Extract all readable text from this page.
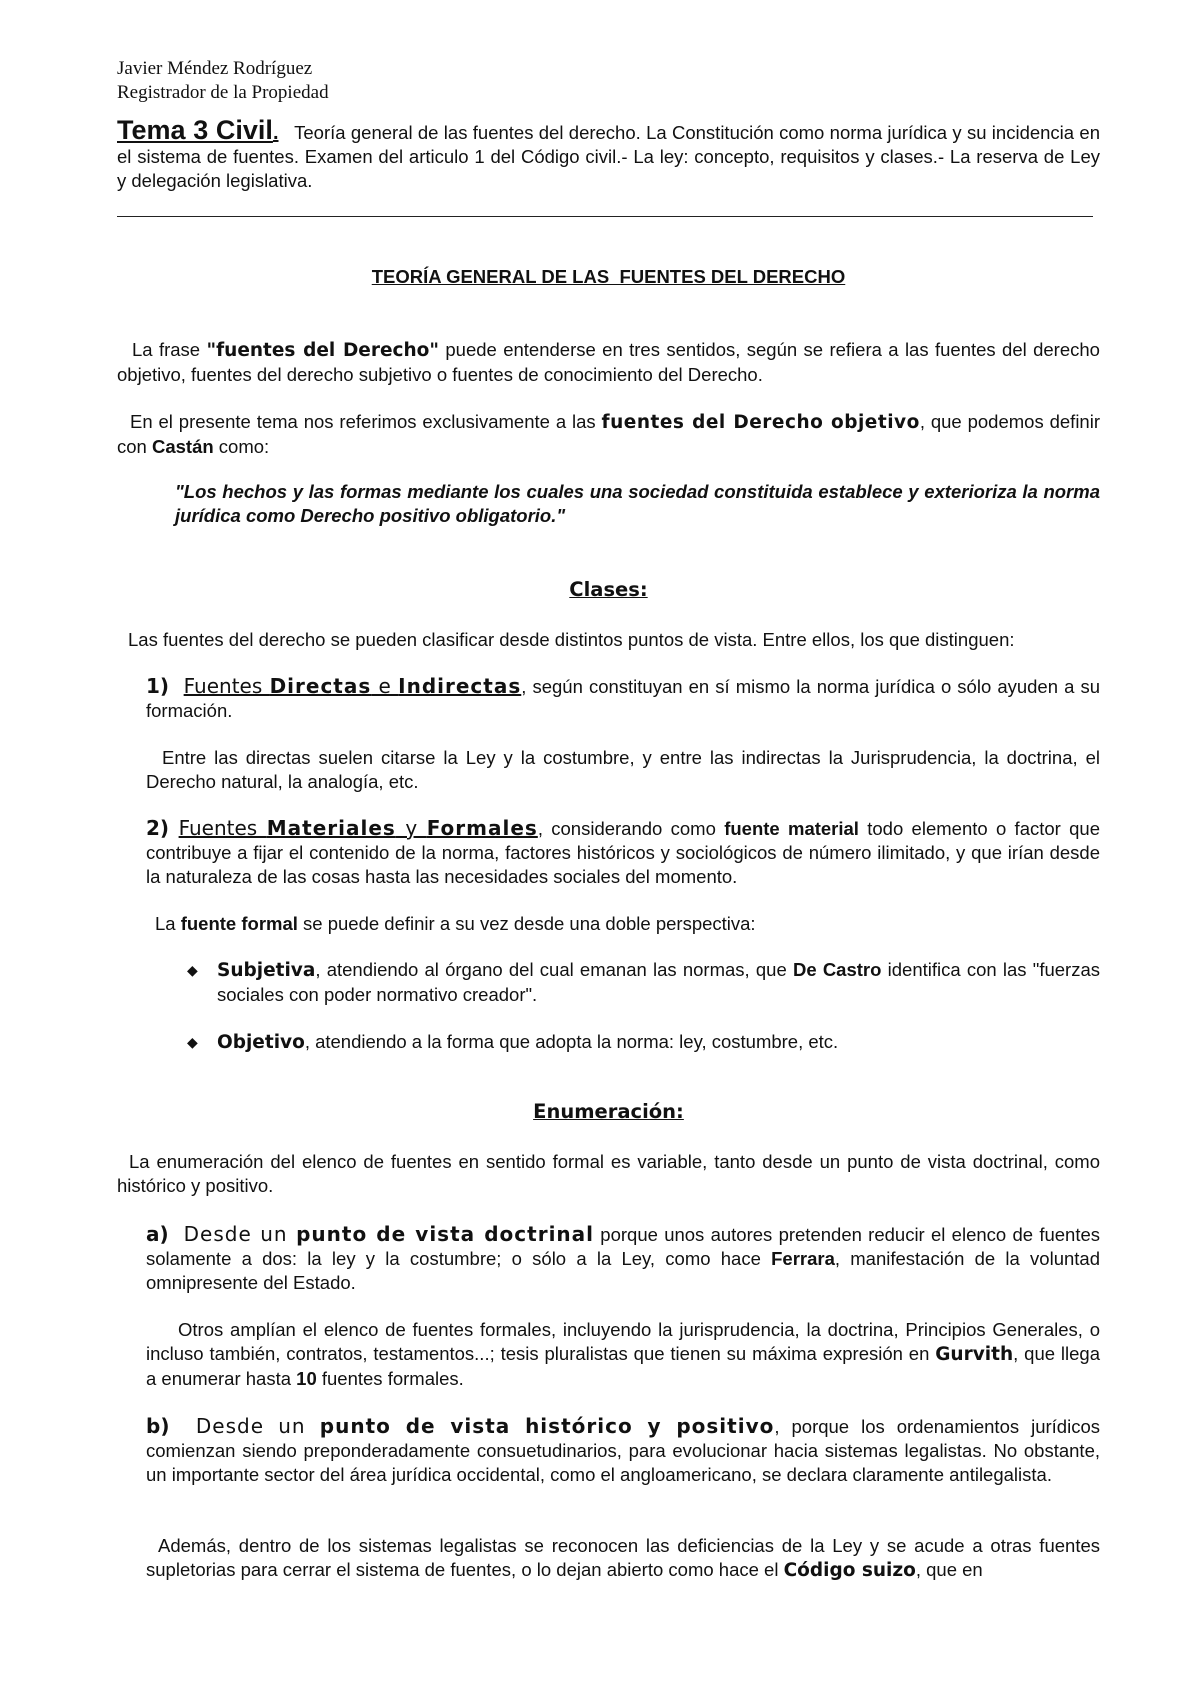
Javier Méndez Rodríguez
Registrador de la Propiedad
Tema 3 Civil. Teoría general de las fuentes del derecho. La Constitución como norma jurídica y su incidencia en el sistema de fuentes. Examen del articulo 1 del Código civil.- La ley: concepto, requisitos y clases.- La reserva de Ley y delegación legislativa.
TEORÍA GENERAL DE LAS  FUENTES DEL DERECHO
La frase "fuentes del Derecho" puede entenderse en tres sentidos, según se refiera a las fuentes del derecho objetivo, fuentes del derecho subjetivo o fuentes de conocimiento del Derecho.
En el presente tema nos referimos exclusivamente a las fuentes del Derecho objetivo, que podemos definir con Castán como:
"Los hechos y las formas mediante los cuales una sociedad constituida establece y exterioriza la norma jurídica como Derecho positivo obligatorio."
Clases:
Las fuentes del derecho se pueden clasificar desde distintos puntos de vista. Entre ellos, los que distinguen:
1) Fuentes Directas e Indirectas, según constituyan en sí mismo la norma jurídica o sólo ayuden a su formación.
Entre las directas suelen citarse la Ley y la costumbre, y entre las indirectas la Jurisprudencia, la doctrina, el Derecho natural, la analogía, etc.
2) Fuentes Materiales y Formales, considerando como fuente material todo elemento o factor que contribuye a fijar el contenido de la norma, factores históricos y sociológicos de número ilimitado, y que irían desde la naturaleza de las cosas hasta las necesidades sociales del momento.
La fuente formal se puede definir a su vez desde una doble perspectiva:
◆ Subjetiva, atendiendo al órgano del cual emanan las normas, que De Castro identifica con las "fuerzas sociales con poder normativo creador".
◆ Objetivo, atendiendo a la forma que adopta la norma: ley, costumbre, etc.
Enumeración:
La enumeración del elenco de fuentes en sentido formal es variable, tanto desde un punto de vista doctrinal, como histórico y positivo.
a) Desde un punto de vista doctrinal porque unos autores pretenden reducir el elenco de fuentes solamente a dos: la ley y la costumbre; o sólo a la Ley, como hace Ferrara, manifestación de la voluntad omnipresente del Estado.
Otros amplían el elenco de fuentes formales, incluyendo la jurisprudencia, la doctrina, Principios Generales, o incluso también, contratos, testamentos...; tesis pluralistas que tienen su máxima expresión en Gurvith, que llega a enumerar hasta 10 fuentes formales.
b) Desde un punto de vista histórico y positivo, porque los ordenamientos jurídicos comienzan siendo preponderadamente consuetudinarios, para evolucionar hacia sistemas legalistas. No obstante, un importante sector del área jurídica occidental, como el angloamericano, se declara claramente antilegalista.
Además, dentro de los sistemas legalistas se reconocen las deficiencias de la Ley y se acude a otras fuentes supletorias para cerrar el sistema de fuentes, o lo dejan abierto como hace el Código suizo, que en
